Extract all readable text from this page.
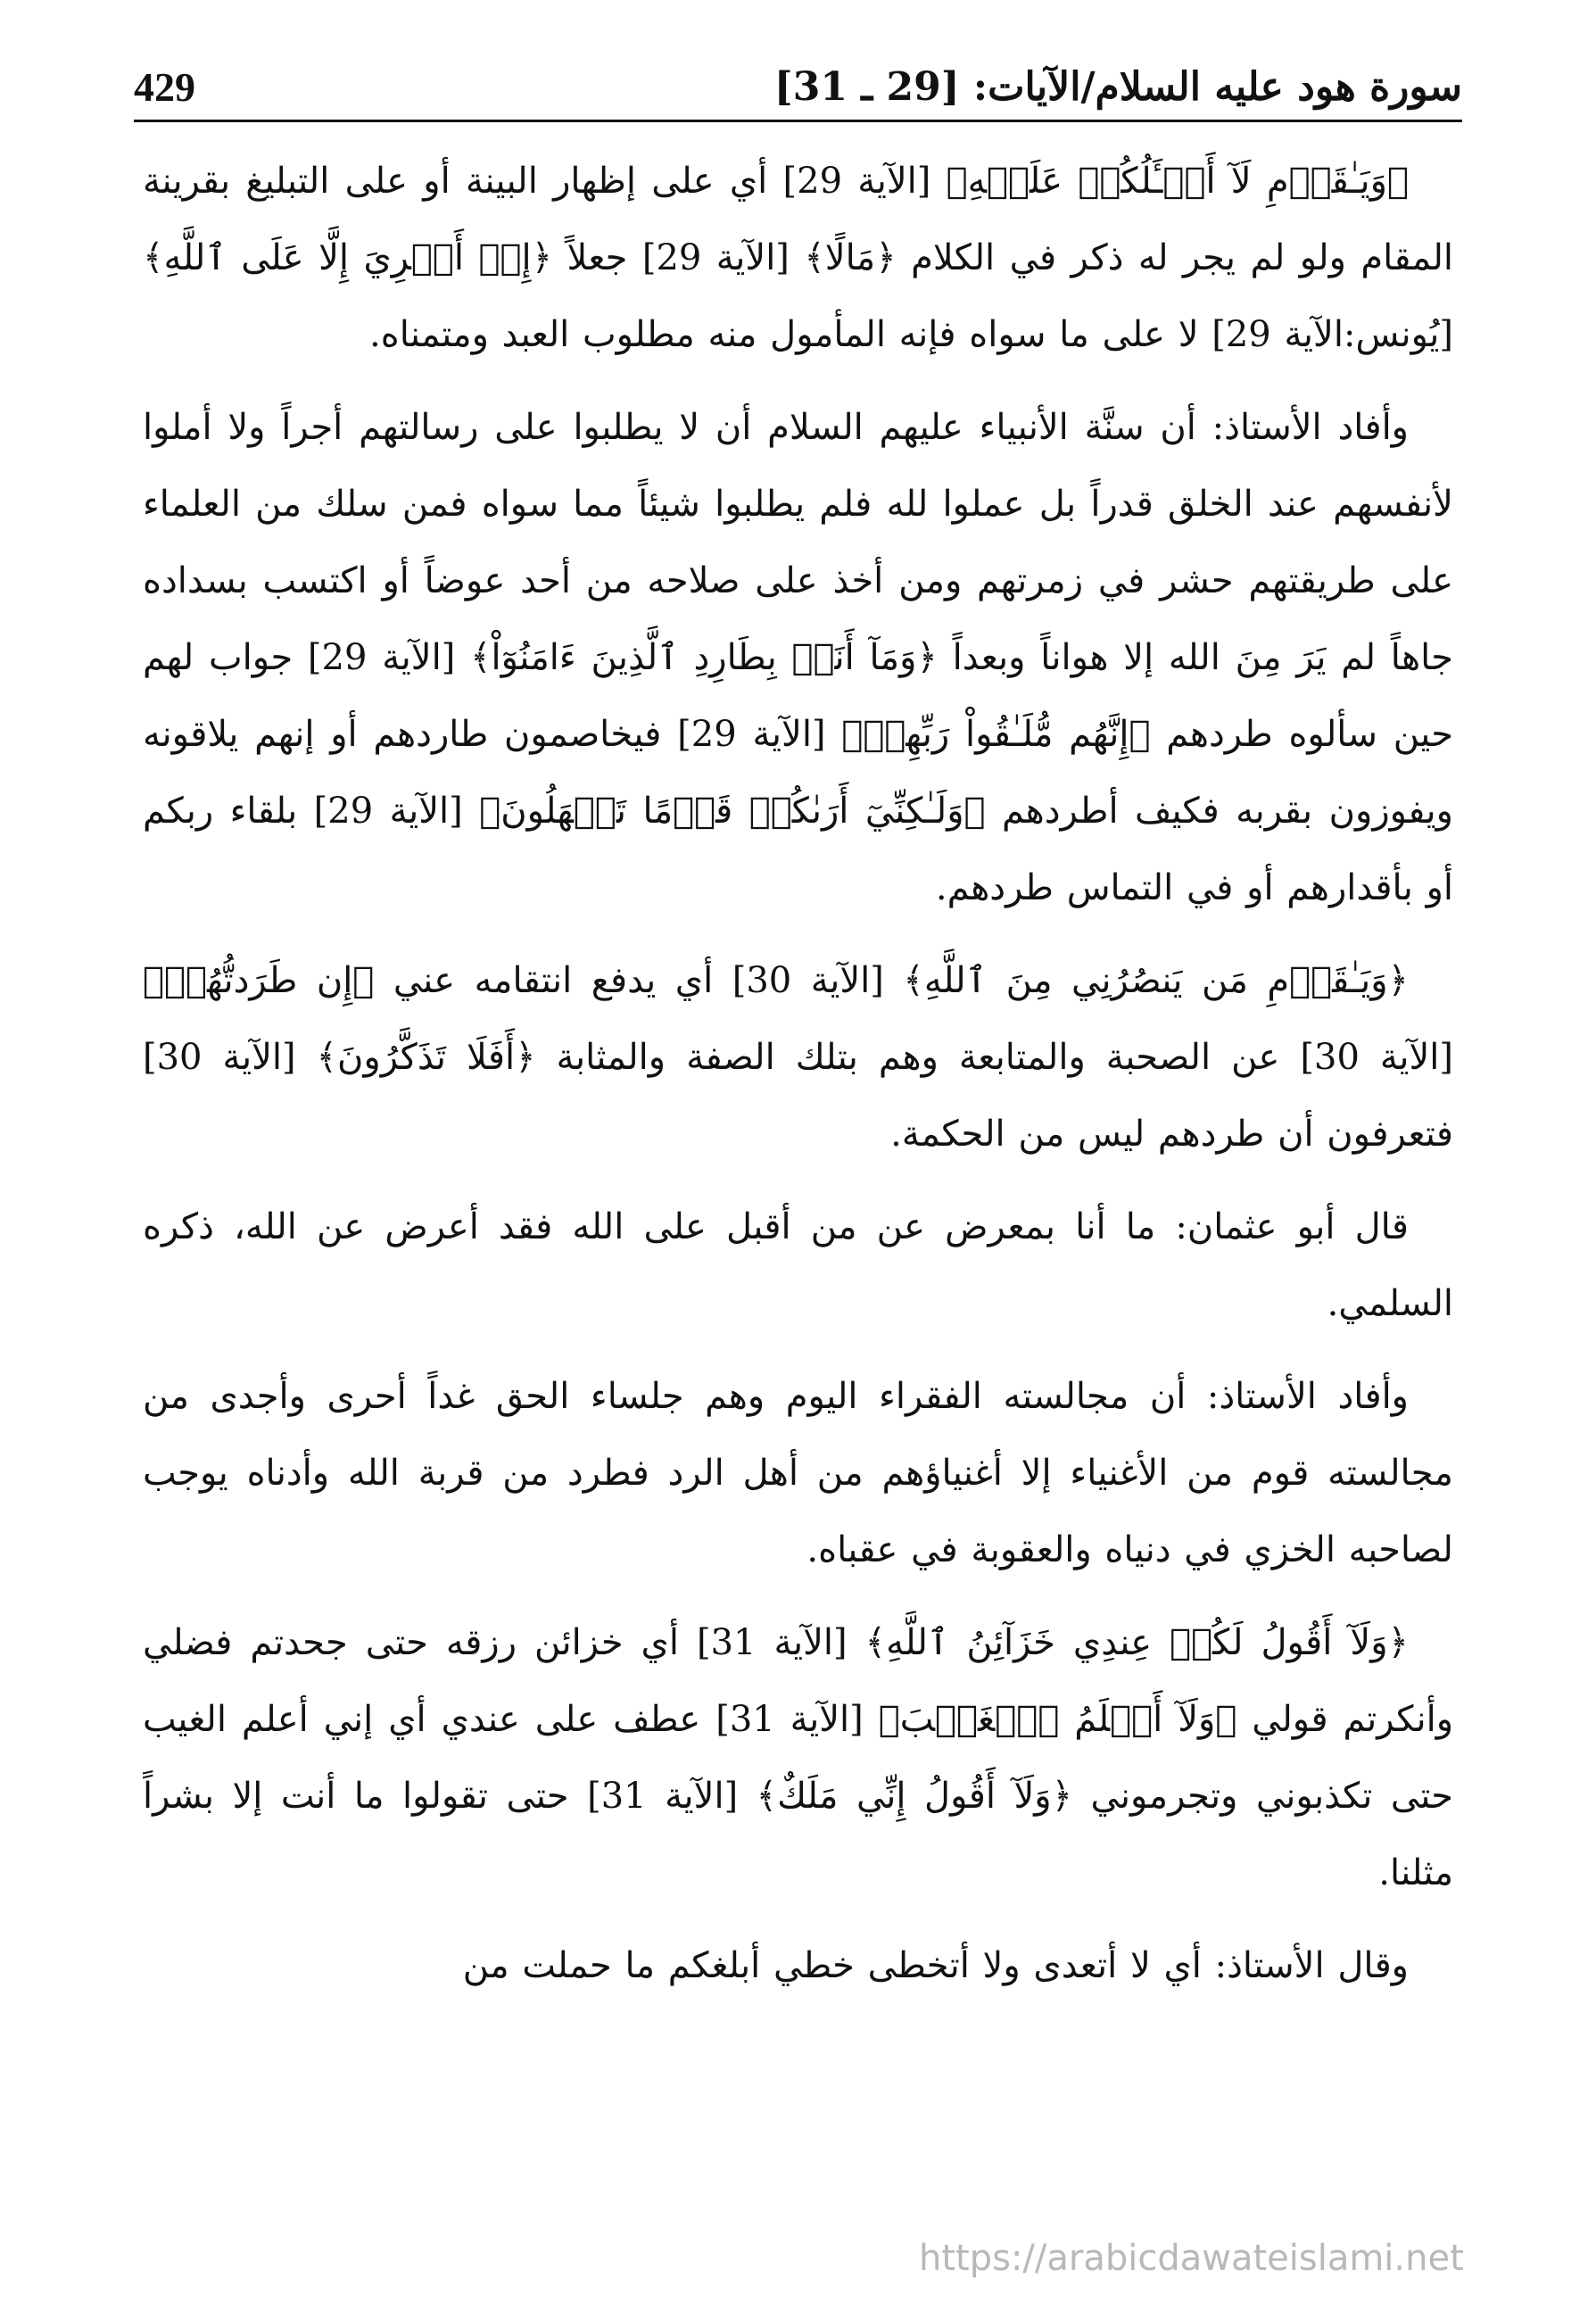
سورة هود عليه السلام/الآيات: [29 ـ 31]
429

﴿وَيَـٰقَوۡمِ لَآ أَسۡـَٔلُكُمۡ عَلَيۡهِ﴾ [الآية 29] أي على إظهار البينة أو على التبليغ بقرينة المقام ولو لم يجر له ذكر في الكلام ﴿مَالًا﴾ [الآية 29] جعلاً ﴿إِنۡ أَجۡرِيَ إِلَّا عَلَى ٱللَّهِ﴾ [يُونس:الآية 29] لا على ما سواه فإنه المأمول منه مطلوب العبد ومتمناه.

وأفاد الأستاذ: أن سنَّة الأنبياء عليهم السلام أن لا يطلبوا على رسالتهم أجراً ولا أملوا لأنفسهم عند الخلق قدراً بل عملوا لله فلم يطلبوا شيئاً مما سواه فمن سلك من العلماء على طريقتهم حشر في زمرتهم ومن أخذ على صلاحه من أحد عوضاً أو اكتسب بسداده جاهاً لم يَرَ مِنَ الله إلا هواناً وبعداً ﴿وَمَآ أَنَا۠ بِطَارِدِ ٱلَّذِينَ ءَامَنُوٓاْ﴾ [الآية 29] جواب لهم حين سألوه طردهم ﴿إِنَّهُم مُّلَـٰقُواْ رَبِّهِمۡ﴾ [الآية 29] فيخاصمون طاردهم أو إنهم يلاقونه ويفوزون بقربه فكيف أطردهم ﴿وَلَـٰكِنِّيٓ أَرَىٰكُمۡ قَوۡمًا تَجۡهَلُونَ﴾ [الآية 29] بلقاء ربكم أو بأقدارهم أو في التماس طردهم.

﴿وَيَـٰقَوۡمِ مَن يَنصُرُنِي مِنَ ٱللَّهِ﴾ [الآية 30] أي يدفع انتقامه عني ﴿إِن طَرَدتُّهُمۡ﴾ [الآية 30] عن الصحبة والمتابعة وهم بتلك الصفة والمثابة ﴿أَفَلَا تَذَكَّرُونَ﴾ [الآية 30] فتعرفون أن طردهم ليس من الحكمة.

قال أبو عثمان: ما أنا بمعرض عن من أقبل على الله فقد أعرض عن الله، ذكره السلمي.

وأفاد الأستاذ: أن مجالسته الفقراء اليوم وهم جلساء الحق غداً أحرى وأجدى من مجالسته قوم من الأغنياء إلا أغنياؤهم من أهل الرد فطرد من قربة الله وأدناه يوجب لصاحبه الخزي في دنياه والعقوبة في عقباه.

﴿وَلَآ أَقُولُ لَكُمۡ عِندِي خَزَآئِنُ ٱللَّهِ﴾ [الآية 31] أي خزائن رزقه حتى جحدتم فضلي وأنكرتم قولي ﴿وَلَآ أَعۡلَمُ ٱلۡغَيۡبَ﴾ [الآية 31] عطف على عندي أي إني أعلم الغيب حتى تكذبوني وتجرموني ﴿وَلَآ أَقُولُ إِنِّي مَلَكٌ﴾ [الآية 31] حتى تقولوا ما أنت إلا بشراً مثلنا.

وقال الأستاذ: أي لا أتعدى ولا أتخطى خطي أبلغكم ما حملت من

https://arabicdawateislami.net
